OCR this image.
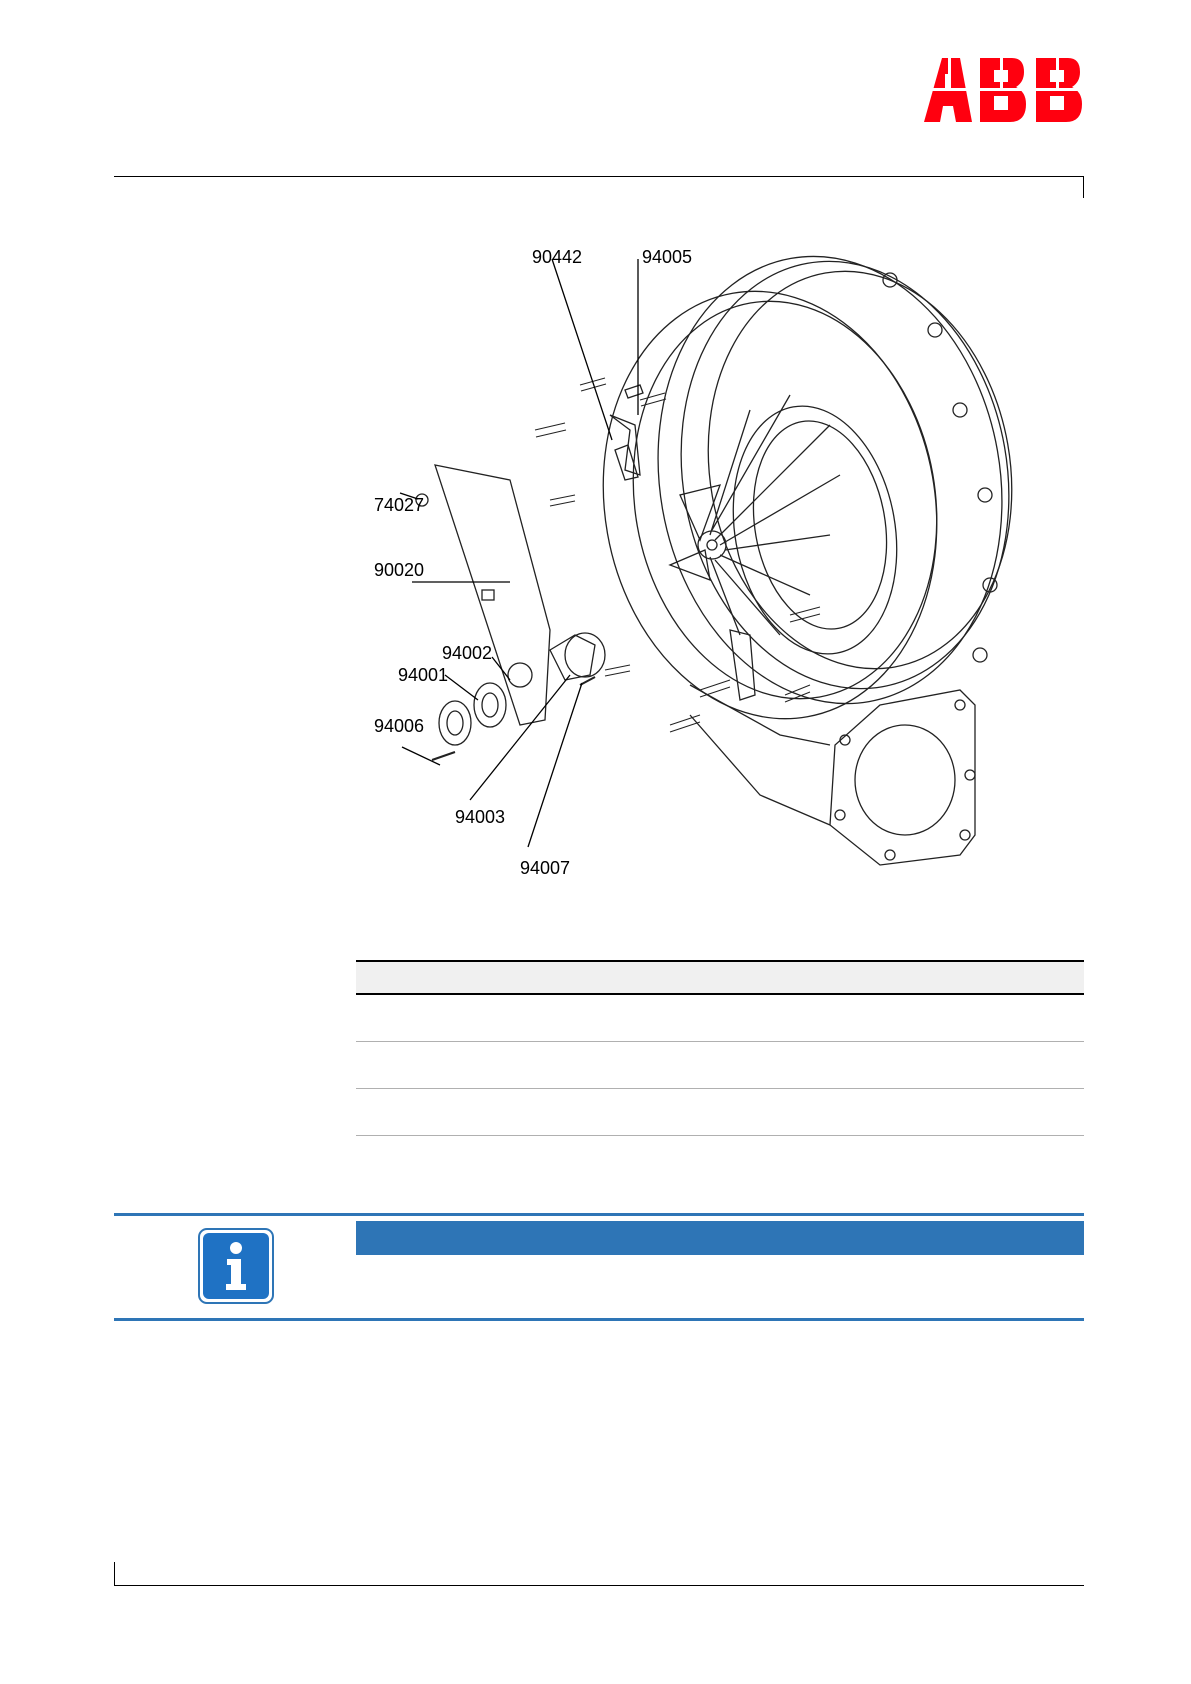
90442	94005
74027
90020
94002
94001
94006
94003
94007
